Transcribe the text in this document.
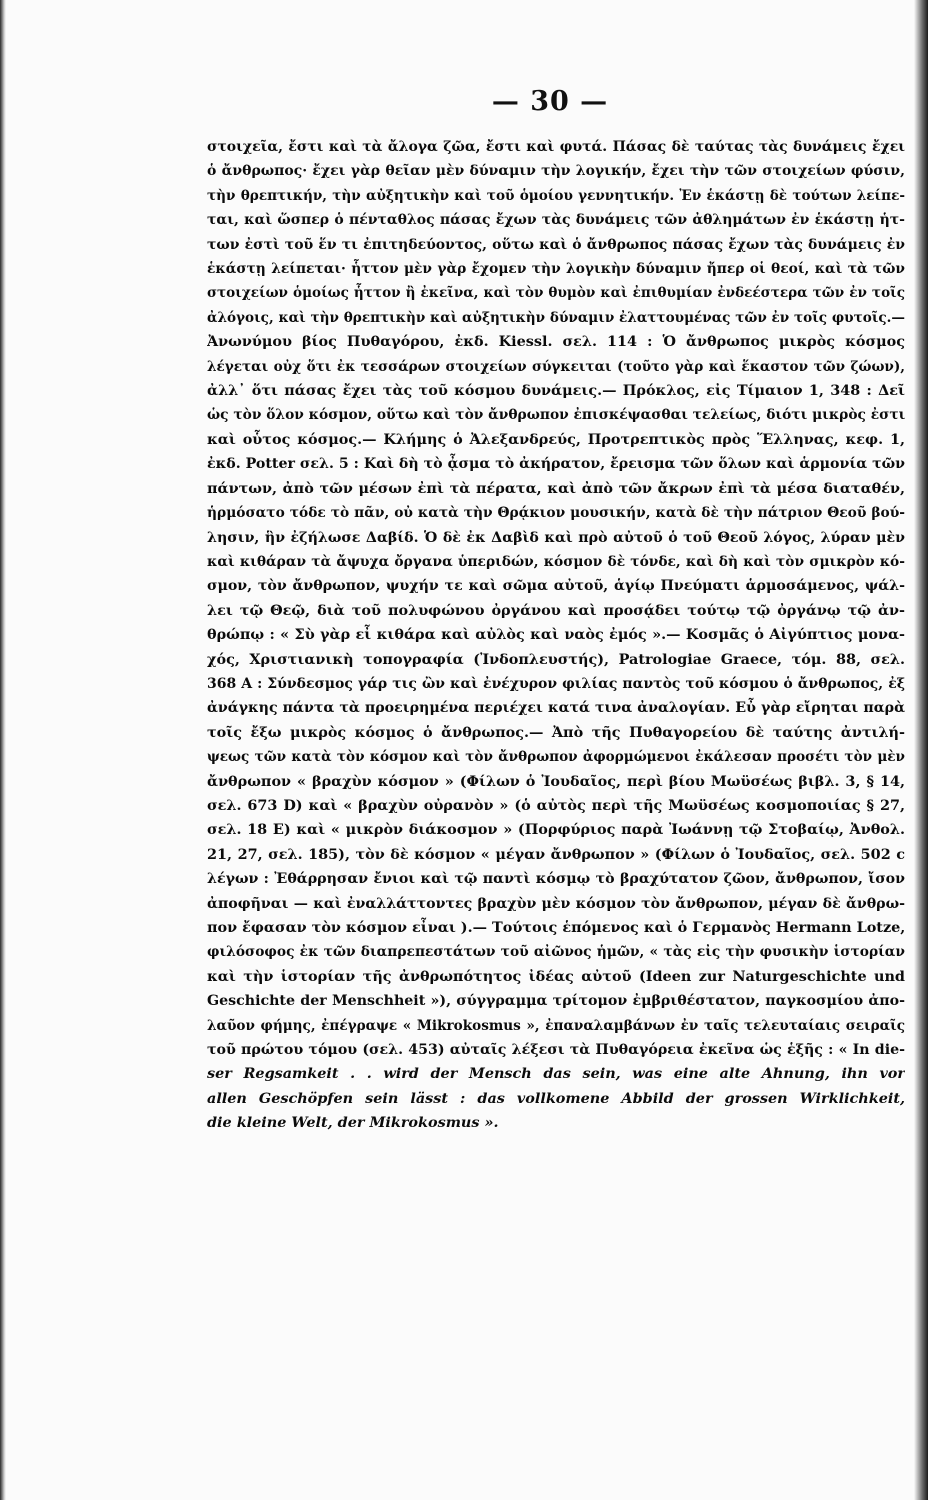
— 30 —
στοιχεῖα, ἔστι καὶ τὰ ἄλογα ζῶα, ἔστι καὶ φυτά. Πάσας δὲ ταύτας τὰς δυνάμεις ἔχει
ὁ ἄνθρωπος· ἔχει γὰρ θεῖαν μὲν δύναμιν τὴν λογικήν, ἔχει τὴν τῶν στοιχείων φύσιν,
τὴν θρεπτικήν, τὴν αὐξητικὴν καὶ τοῦ ὁμοίου γεννητικήν. Ἐν ἑκάστῃ δὲ τούτων λείπε-
ται, καὶ ὥσπερ ὁ πένταθλος πάσας ἔχων τὰς δυνάμεις τῶν ἀθλημάτων ἐν ἑκάστῃ ἡτ-
των ἐστὶ τοῦ ἕν τι ἐπιτηδεύοντος, οὕτω καὶ ὁ ἄνθρωπος πάσας ἔχων τὰς δυνάμεις ἐν
ἑκάστῃ λείπεται· ἧττον μὲν γὰρ ἔχομεν τὴν λογικὴν δύναμιν ἤπερ οἱ θεοί, καὶ τὰ τῶν
στοιχείων ὁμοίως ἧττον ἢ ἐκεῖνα, καὶ τὸν θυμὸν καὶ ἐπιθυμίαν ἐνδεέστερα τῶν ἐν τοῖς
ἀλόγοις, καὶ τὴν θρεπτικὴν καὶ αὐξητικὴν δύναμιν ἐλαττουμένας τῶν ἐν τοῖς φυτοῖς.—
Ἀνωνύμου βίος Πυθαγόρου, ἐκδ. Kiessl. σελ. 114 : Ὁ ἄνθρωπος μικρὸς κόσμος
λέγεται οὐχ ὅτι ἐκ τεσσάρων στοιχείων σύγκειται (τοῦτο γὰρ καὶ ἕκαστον τῶν ζώων),
ἀλλ᾽ ὅτι πάσας ἔχει τὰς τοῦ κόσμου δυνάμεις.— Πρόκλος, εἰς Τίμαιον 1, 348 : Δεῖ
ὡς τὸν ὅλον κόσμον, οὕτω καὶ τὸν ἄνθρωπον ἐπισκέψασθαι τελείως, διότι μικρὸς ἐστι
καὶ οὗτος κόσμος.— Κλήμης ὁ Ἀλεξανδρεύς, Προτρεπτικὸς πρὸς Ἕλληνας, κεφ. 1,
ἐκδ. Potter σελ. 5 : Καὶ δὴ τὸ ᾆσμα τὸ ἀκήρατον, ἔρεισμα τῶν ὅλων καὶ ἁρμονία τῶν
πάντων, ἀπὸ τῶν μέσων ἐπὶ τὰ πέρατα, καὶ ἀπὸ τῶν ἄκρων ἐπὶ τὰ μέσα διαταθέν,
ἡρμόσατο τόδε τὸ πᾶν, οὐ κατὰ τὴν Θρᾴκιον μουσικήν, κατὰ δὲ τὴν πάτριον Θεοῦ βού-
λησιν, ἣν ἐζήλωσε Δαβίδ. Ὁ δὲ ἐκ Δαβὶδ καὶ πρὸ αὐτοῦ ὁ τοῦ Θεοῦ λόγος, λύραν μὲν
καὶ κιθάραν τὰ ἄψυχα ὄργανα ὑπεριδών, κόσμον δὲ τόνδε, καὶ δὴ καὶ τὸν σμικρὸν κό-
σμον, τὸν ἄνθρωπον, ψυχήν τε καὶ σῶμα αὐτοῦ, ἁγίῳ Πνεύματι ἁρμοσάμενος, ψάλ-
λει τῷ Θεῷ, διὰ τοῦ πολυφώνου ὀργάνου καὶ προσᾴδει τούτῳ τῷ ὀργάνῳ τῷ ἀν-
θρώπῳ : « Σὺ γὰρ εἶ κιθάρα καὶ αὐλὸς καὶ ναὸς ἐμός ».— Κοσμᾶς ὁ Αἰγύπτιος μονα-
χός, Χριστιανικὴ τοπογραφία (Ἰνδοπλευστής), Patrologiae Graece, τόμ. 88, σελ.
368 A : Σύνδεσμος γάρ τις ὢν καὶ ἐνέχυρον φιλίας παντὸς τοῦ κόσμου ὁ ἄνθρωπος, ἐξ
ἀνάγκης πάντα τὰ προειρημένα περιέχει κατά τινα ἀναλογίαν. Εὖ γὰρ εἴρηται παρὰ
τοῖς ἔξω μικρὸς κόσμος ὁ ἄνθρωπος.— Ἀπὸ τῆς Πυθαγορείου δὲ ταύτης ἀντιλή-
ψεως τῶν κατὰ τὸν κόσμον καὶ τὸν ἄνθρωπον ἀφορμώμενοι ἐκάλεσαν προσέτι τὸν μὲν
ἄνθρωπον « βραχὺν κόσμον » (Φίλων ὁ Ἰουδαῖος, περὶ βίου Μωϋσέως βιβλ. 3, § 14,
σελ. 673 D) καὶ « βραχὺν οὐρανὸν » (ὁ αὐτὸς περὶ τῆς Μωϋσέως κοσμοποιίας § 27,
σελ. 18 E) καὶ « μικρὸν διάκοσμον » (Πορφύριος παρὰ Ἰωάννῃ τῷ Στοβαίῳ, Ἀνθολ.
21, 27, σελ. 185), τὸν δὲ κόσμον « μέγαν ἄνθρωπον » (Φίλων ὁ Ἰουδαῖος, σελ. 502 c
λέγων : Ἐθάρρησαν ἔνιοι καὶ τῷ παντὶ κόσμῳ τὸ βραχύτατον ζῶον, ἄνθρωπον, ἴσον
ἀποφῆναι — καὶ ἐναλλάττοντες βραχὺν μὲν κόσμον τὸν ἄνθρωπον, μέγαν δὲ ἄνθρω-
πον ἔφασαν τὸν κόσμον εἶναι ).— Τούτοις ἑπόμενος καὶ ὁ Γερμανὸς Hermann Lotze,
φιλόσοφος ἐκ τῶν διαπρεπεστάτων τοῦ αἰῶνος ἡμῶν, « τὰς εἰς τὴν φυσικὴν ἱστορίαν
καὶ τὴν ἱστορίαν τῆς ἀνθρωπότητος ἰδέας αὐτοῦ (Ideen zur Naturgeschichte und
Geschichte der Menschheit »), σύγγραμμα τρίτομον ἐμβριθέστατον, παγκοσμίου ἀπο-
λαῦον φήμης, ἐπέγραψε « Mikrokosmus », ἐπαναλαμβάνων ἐν ταῖς τελευταίαις σειραῖς
τοῦ πρώτου τόμου (σελ. 453) αὐταῖς λέξεσι τὰ Πυθαγόρεια ἐκεῖνα ὡς ἑξῆς : « In die-
ser Regsamkeit . . wird der Mensch das sein, was eine alte Ahnung, ihn vor
allen Geschöpfen sein lässt : das vollkomene Abbild der grossen Wirklichkeit,
die kleine Welt, der Mikrokosmus ».
